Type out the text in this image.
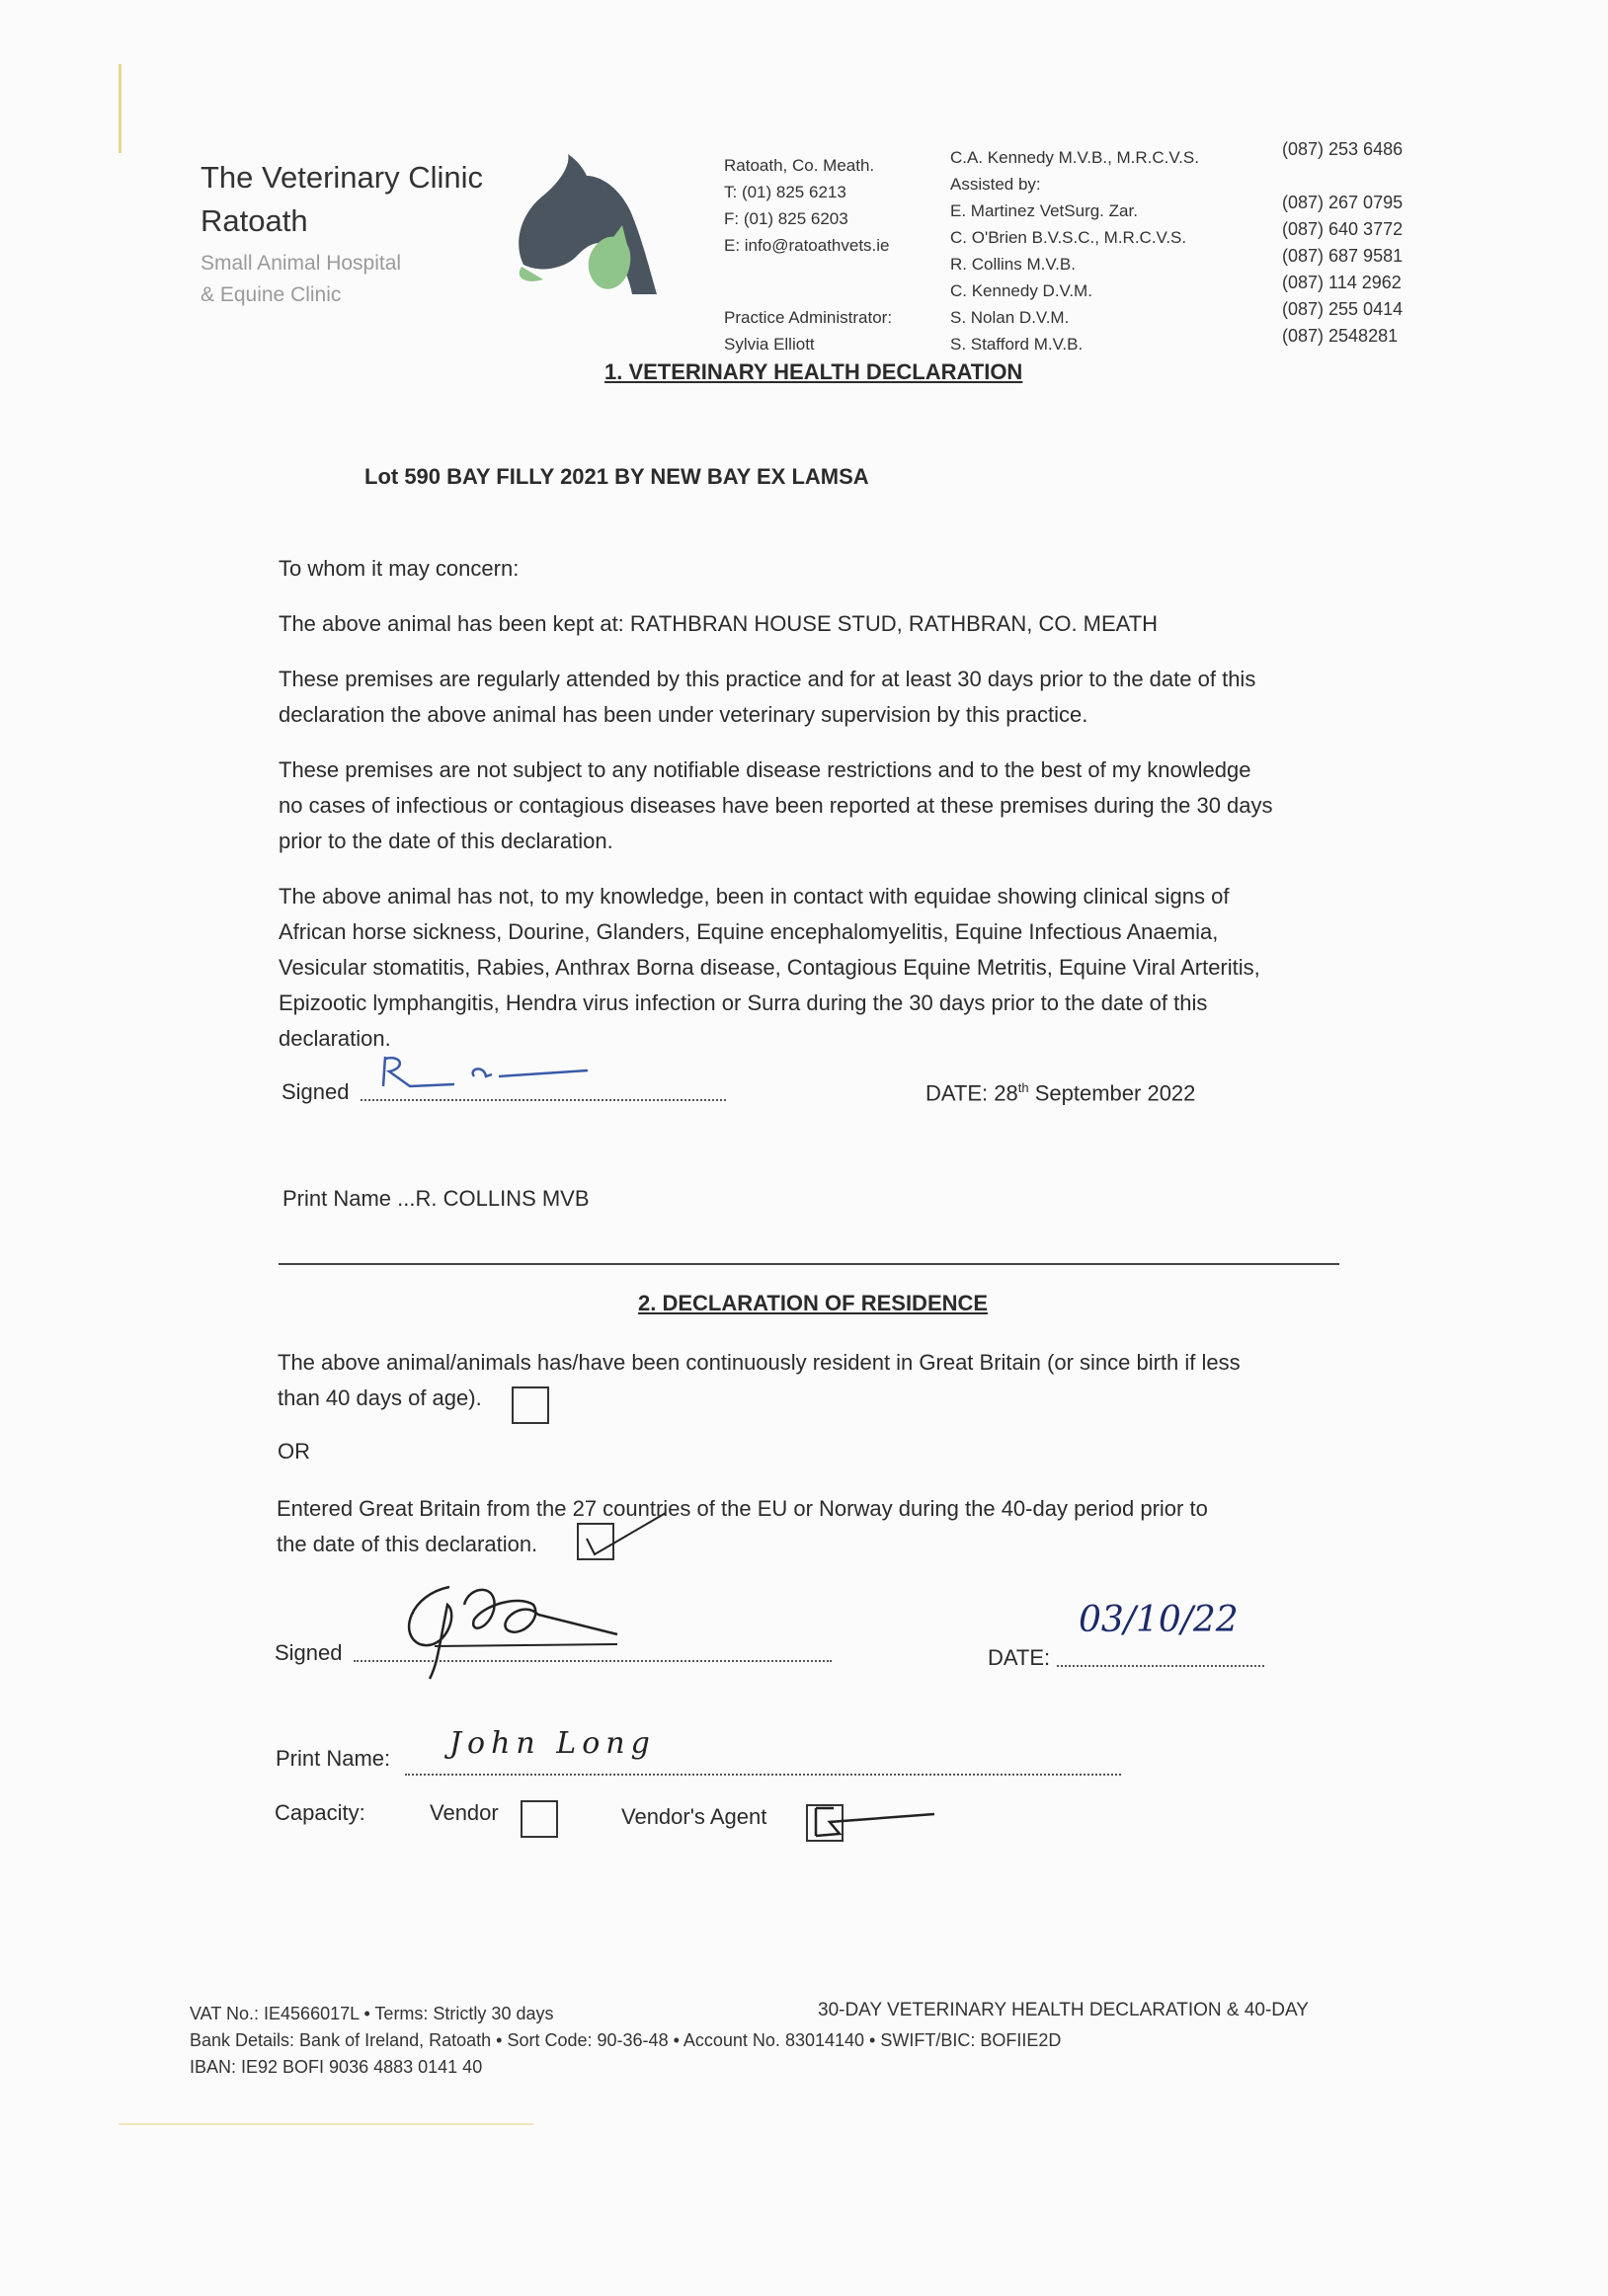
The Veterinary Clinic
Ratoath
Small Animal Hospital
& Equine Clinic
Ratoath, Co. Meath.
T: (01) 825 6213
F: (01) 825 6203
E: info@ratoathvets.ie
Practice Administrator:
Sylvia Elliott
C.A. Kennedy M.V.B., M.R.C.V.S.
Assisted by:
E. Martinez VetSurg. Zar.
C. O'Brien B.V.S.C., M.R.C.V.S.
R. Collins M.V.B.
C. Kennedy D.V.M.
S. Nolan D.V.M.
S. Stafford M.V.B.
(087) 253 6486
(087) 267 0795
(087) 640 3772
(087) 687 9581
(087) 114 2962
(087) 255 0414
(087) 2548281
1. VETERINARY HEALTH DECLARATION
Lot 590 BAY FILLY 2021 BY NEW BAY EX LAMSA
To whom it may concern:
The above animal has been kept at: RATHBRAN HOUSE STUD, RATHBRAN, CO. MEATH
These premises are regularly attended by this practice and for at least 30 days prior to the date of this
declaration the above animal has been under veterinary supervision by this practice.
These premises are not subject to any notifiable disease restrictions and to the best of my knowledge
no cases of infectious or contagious diseases have been reported at these premises during the 30 days
prior to the date of this declaration.
The above animal has not, to my knowledge, been in contact with equidae showing clinical signs of
African horse sickness, Dourine, Glanders, Equine encephalomyelitis, Equine Infectious Anaemia,
Vesicular stomatitis, Rabies, Anthrax Borna disease, Contagious Equine Metritis, Equine Viral Arteritis,
Epizootic lymphangitis, Hendra virus infection or Surra during the 30 days prior to the date of this
declaration.
Signed	DATE: 28th September 2022
Print Name ...R. COLLINS MVB
2. DECLARATION OF RESIDENCE
The above animal/animals has/have been continuously resident in Great Britain (or since birth if less
than 40 days of age).
OR
Entered Great Britain from the 27 countries of the EU or Norway during the 40-day period prior to
the date of this declaration.
Signed	DATE:
03/10/22
Print Name: John Long
Capacity:	Vendor	Vendor's Agent
VAT No.: IE4566017L • Terms: Strictly 30 days
Bank Details: Bank of Ireland, Ratoath • Sort Code: 90-36-48 • Account No. 83014140 • SWIFT/BIC: BOFIIE2D
IBAN: IE92 BOFI 9036 4883 0141 40
30-DAY VETERINARY HEALTH DECLARATION & 40-DAY
